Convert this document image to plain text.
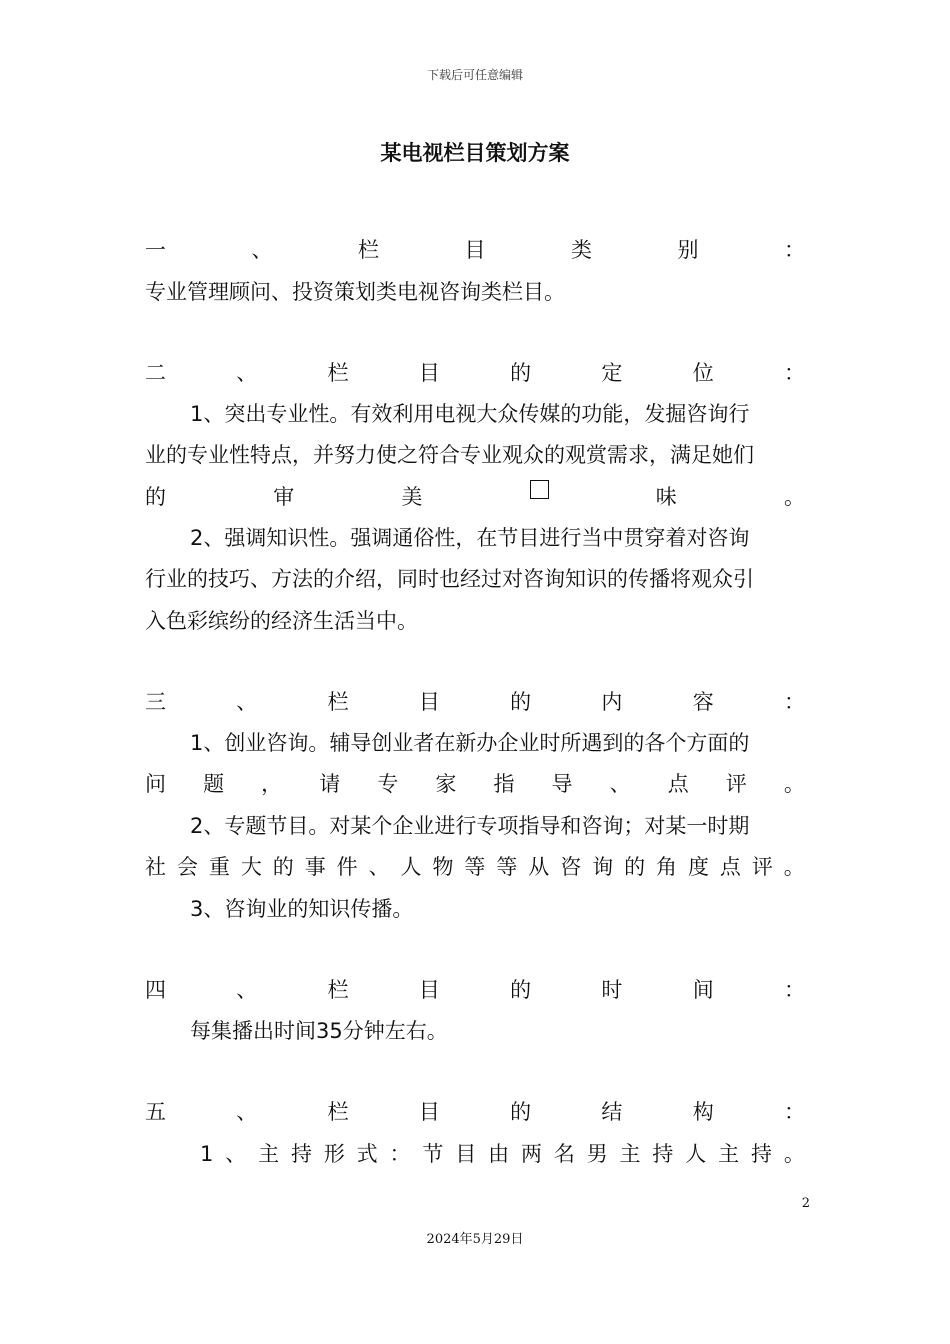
下载后可任意编辑
某电视栏目策划方案
一	、	栏	目	类	别	：
专业管理顾问、投资策划类电视咨询类栏目。
二	、	栏	目	的	定	位	：
1、突出专业性。有效利用电视大众传媒的功能，发掘咨询行
业的专业性特点，并努力使之符合专业观众的观赏需求，满足她们
的	审	美	味	。
2、强调知识性。强调通俗性，在节目进行当中贯穿着对咨询
行业的技巧、方法的介绍，同时也经过对咨询知识的传播将观众引
入色彩缤纷的经济生活当中。
三	、	栏	目	的	内	容	：
1、创业咨询。辅导创业者在新办企业时所遇到的各个方面的
问 题 ， 请 专 家 指 导 、 点 评 。
2、专题节目。对某个企业进行专项指导和咨询；对某一时期
社 会 重 大 的 事 件 、 人 物 等 等 从 咨 询 的 角 度 点 评 。
3、咨询业的知识传播。
四	、	栏	目	的	时	间	：
每集播出时间35分钟左右。
五	、	栏	目	的	结	构	：
1 、 主 持 形 式 ： 节 目 由 两 名 男 主 持 人 主 持 。
2
2024年5月29日
